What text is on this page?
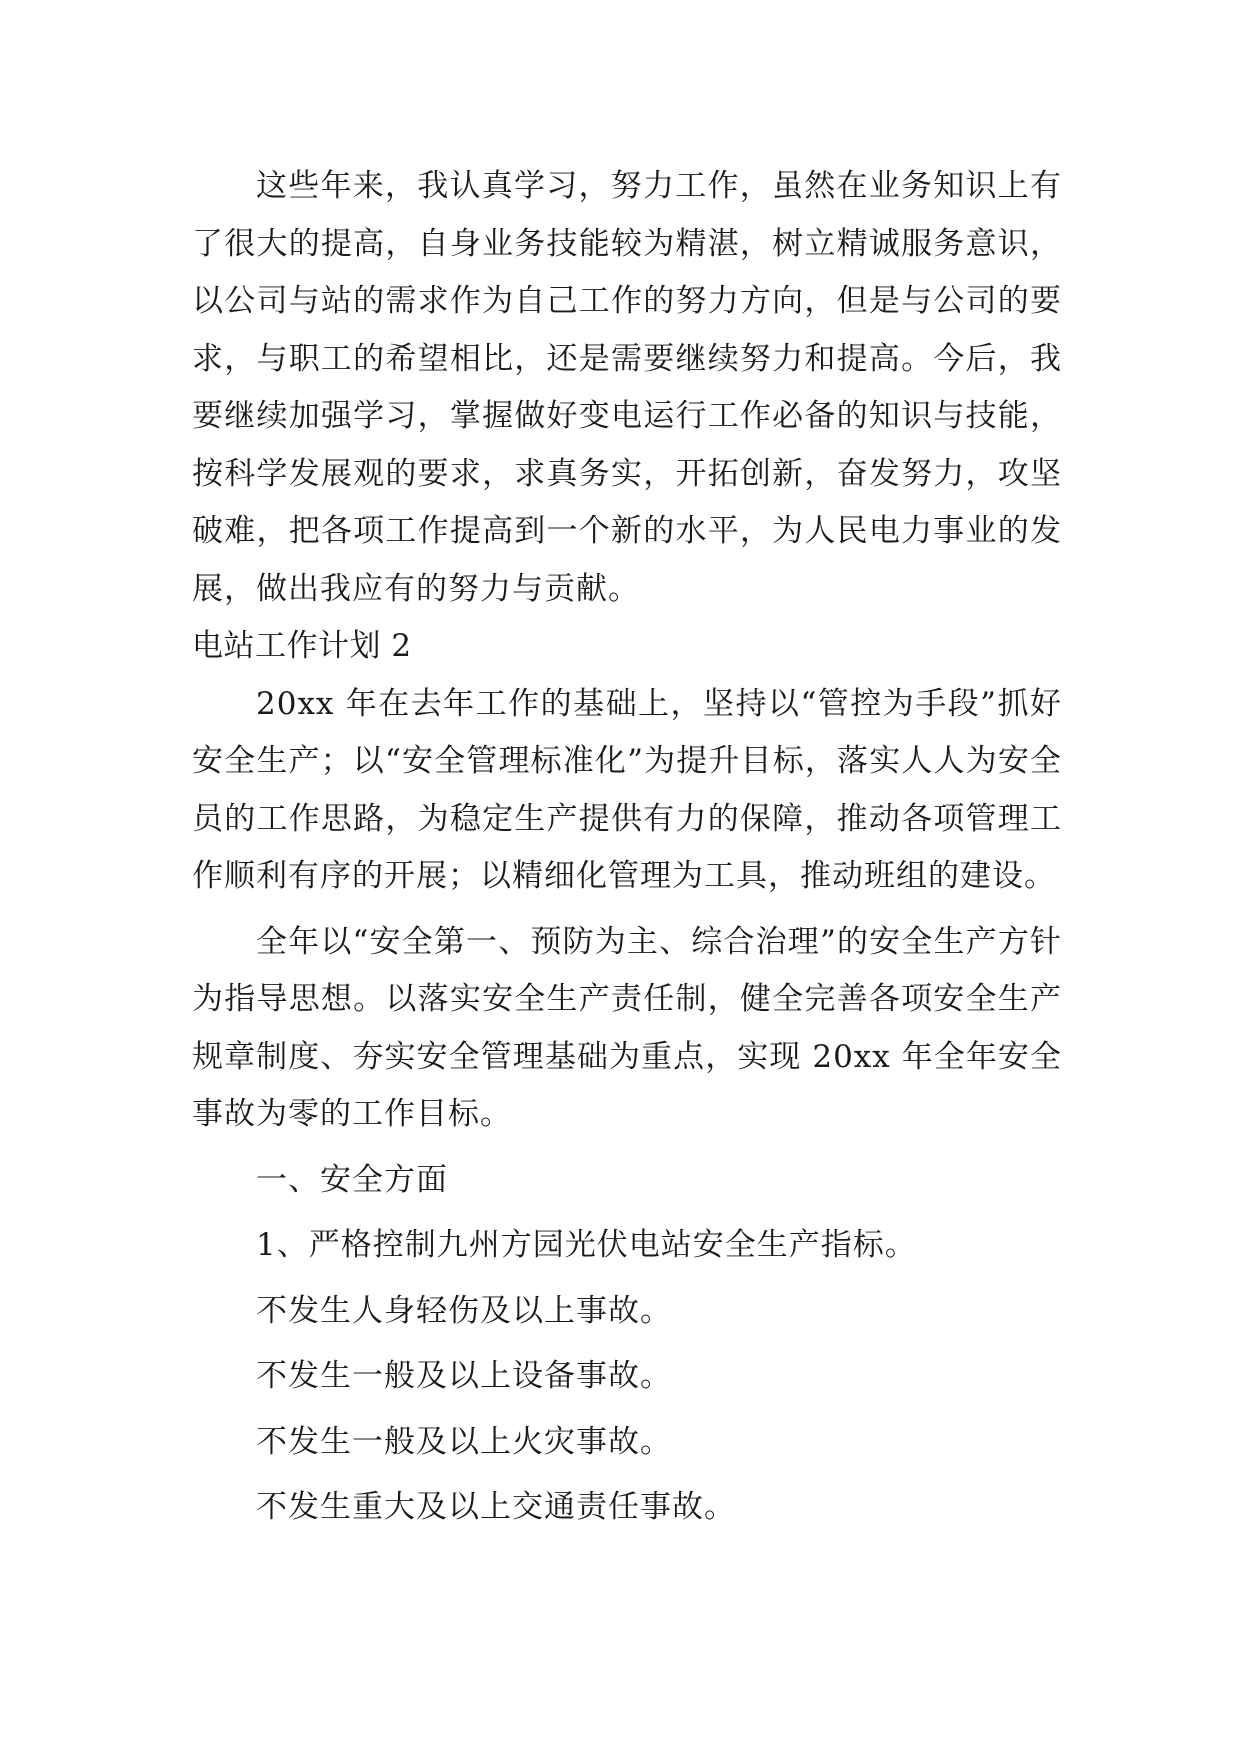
这些年来，我认真学习，努力工作，虽然在业务知识上有了很大的提高，自身业务技能较为精湛，树立精诚服务意识，以公司与站的需求作为自己工作的努力方向，但是与公司的要求，与职工的希望相比，还是需要继续努力和提高。今后，我要继续加强学习，掌握做好变电运行工作必备的知识与技能，按科学发展观的要求，求真务实，开拓创新，奋发努力，攻坚破难，把各项工作提高到一个新的水平，为人民电力事业的发展，做出我应有的努力与贡献。

电站工作计划 2

20xx 年在去年工作的基础上，坚持以“管控为手段”抓好安全生产；以“安全管理标准化”为提升目标，落实人人为安全员的工作思路，为稳定生产提供有力的保障，推动各项管理工作顺利有序的开展；以精细化管理为工具，推动班组的建设。

全年以“安全第一、预防为主、综合治理”的安全生产方针为指导思想。以落实安全生产责任制，健全完善各项安全生产规章制度、夯实安全管理基础为重点，实现 20xx 年全年安全事故为零的工作目标。

一、安全方面

1、严格控制九州方园光伏电站安全生产指标。

不发生人身轻伤及以上事故。

不发生一般及以上设备事故。

不发生一般及以上火灾事故。

不发生重大及以上交通责任事故。
